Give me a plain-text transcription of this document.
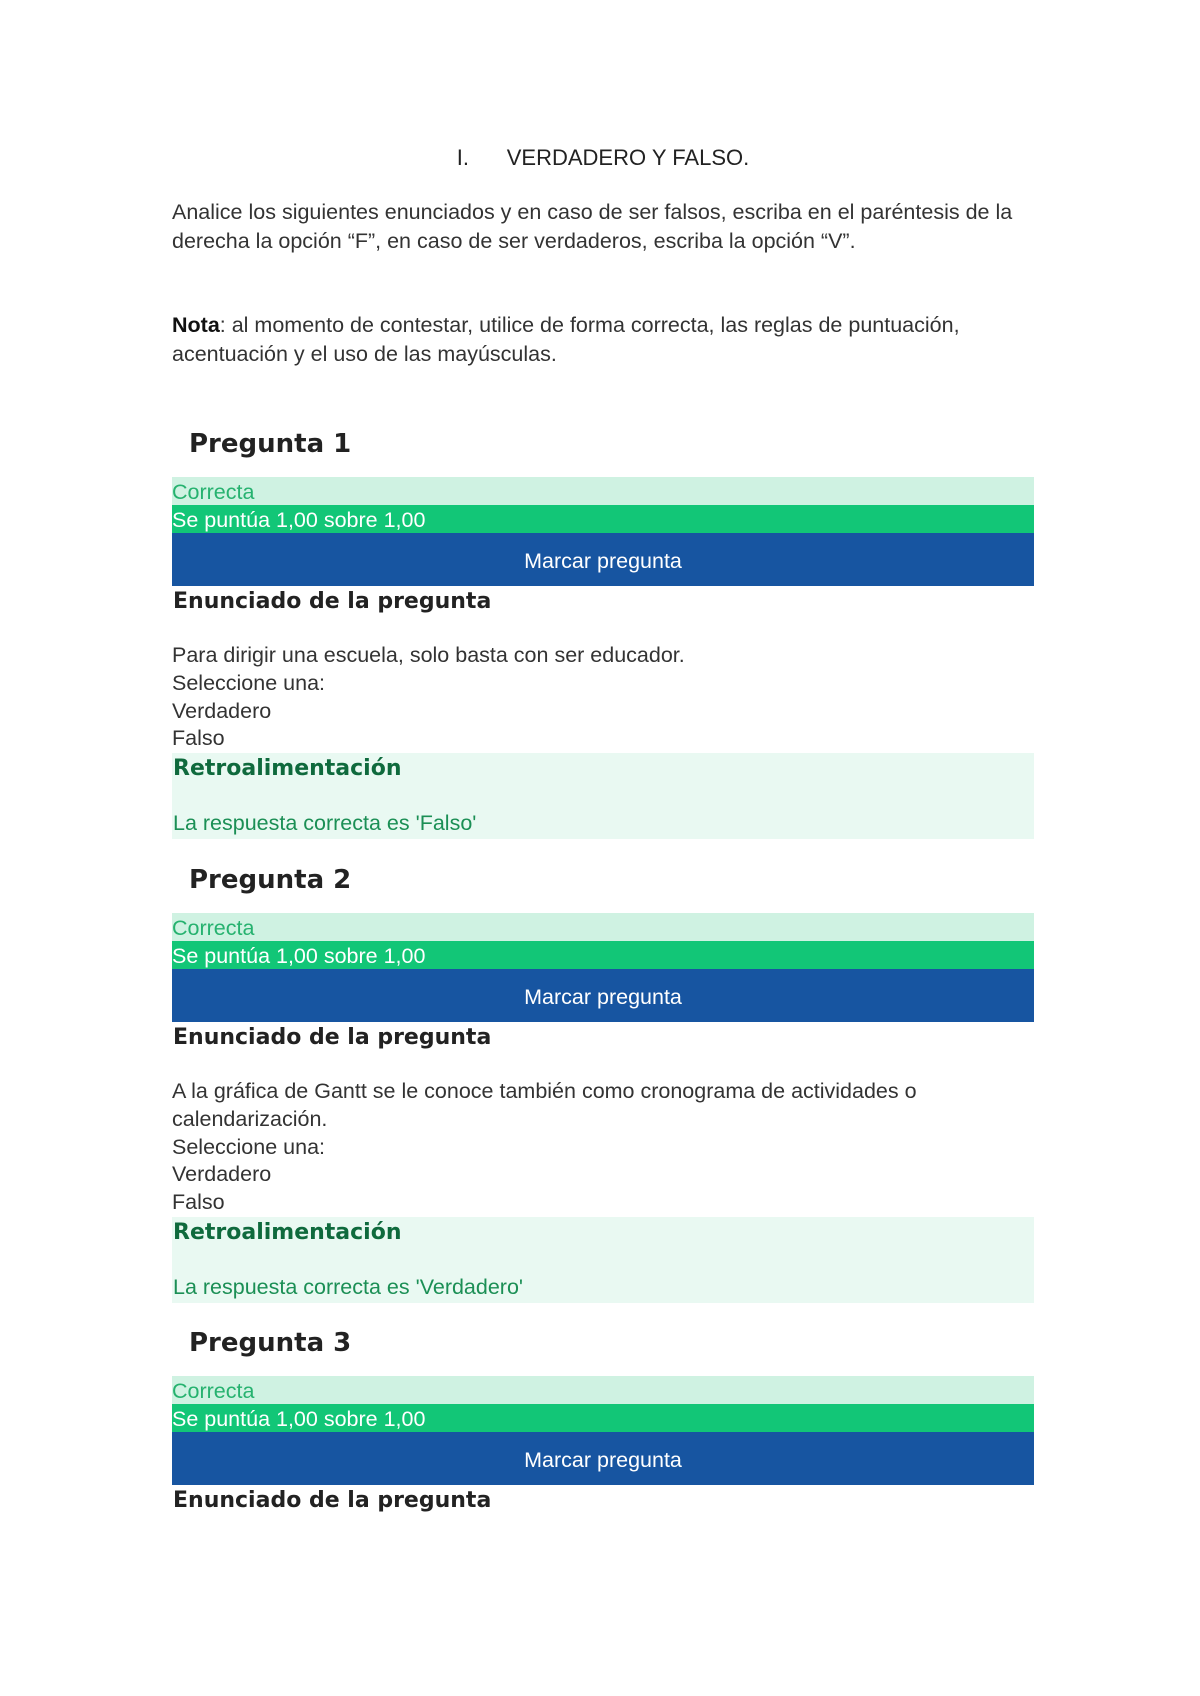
I. VERDADERO Y FALSO.
Analice los siguientes enunciados y en caso de ser falsos, escriba en el paréntesis de la derecha la opción “F”, en caso de ser verdaderos, escriba la opción “V”.
Nota: al momento de contestar, utilice de forma correcta, las reglas de puntuación, acentuación y el uso de las mayúsculas.
Pregunta 1
Correcta
Se puntúa 1,00 sobre 1,00
Marcar pregunta
Enunciado de la pregunta
Para dirigir una escuela, solo basta con ser educador.
Seleccione una:
Verdadero
Falso
Retroalimentación
La respuesta correcta es 'Falso'
Pregunta 2
Correcta
Se puntúa 1,00 sobre 1,00
Marcar pregunta
Enunciado de la pregunta
A la gráfica de Gantt se le conoce también como cronograma de actividades o calendarización.
Seleccione una:
Verdadero
Falso
Retroalimentación
La respuesta correcta es 'Verdadero'
Pregunta 3
Correcta
Se puntúa 1,00 sobre 1,00
Marcar pregunta
Enunciado de la pregunta
